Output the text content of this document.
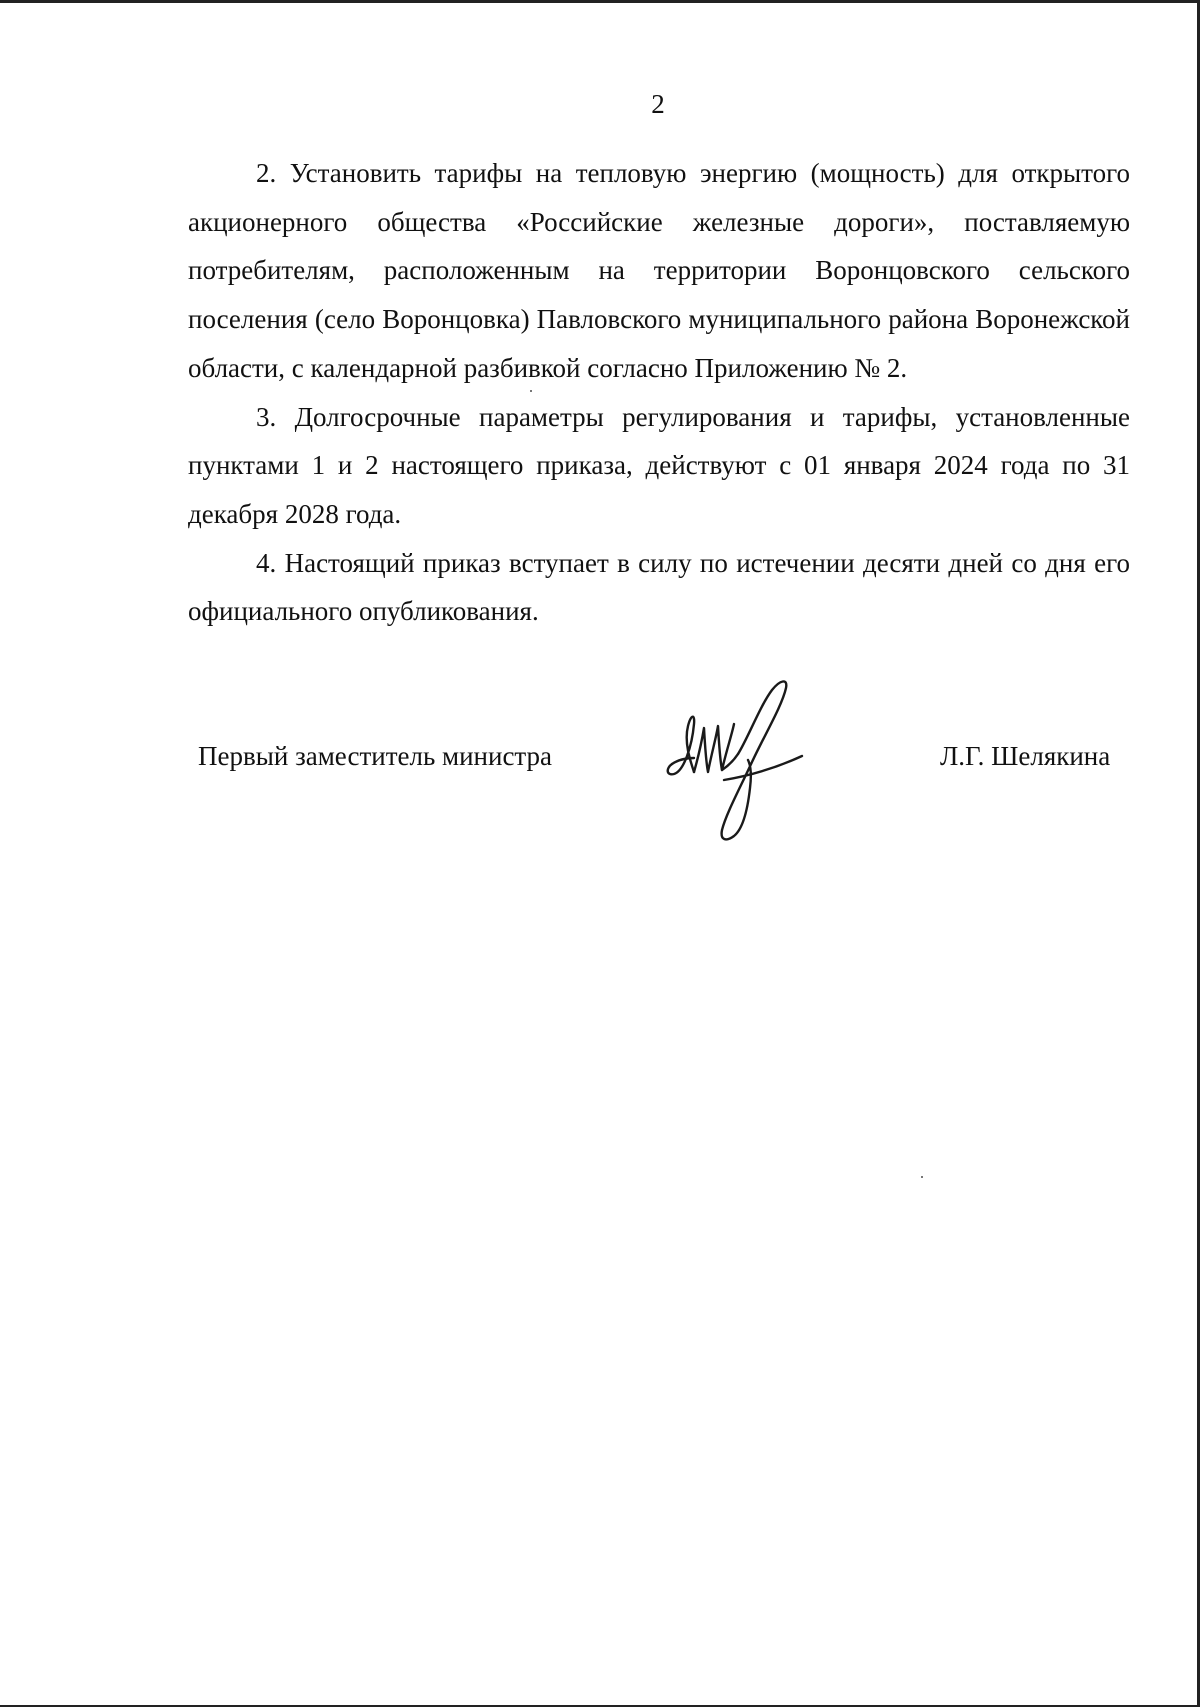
2

2. Установить тарифы на тепловую энергию (мощность) для открытого акционерного общества «Российские железные дороги», поставляемую потребителям, расположенным на территории Воронцовского сельского поселения (село Воронцовка) Павловского муниципального района Воронежской области, с календарной разбивкой согласно Приложению № 2.

3. Долгосрочные параметры регулирования и тарифы, установленные пунктами 1 и 2 настоящего приказа, действуют с 01 января 2024 года по 31 декабря 2028 года.

4. Настоящий приказ вступает в силу по истечении десяти дней со дня его официального опубликования.

Первый заместитель министра	Л.Г. Шелякина
